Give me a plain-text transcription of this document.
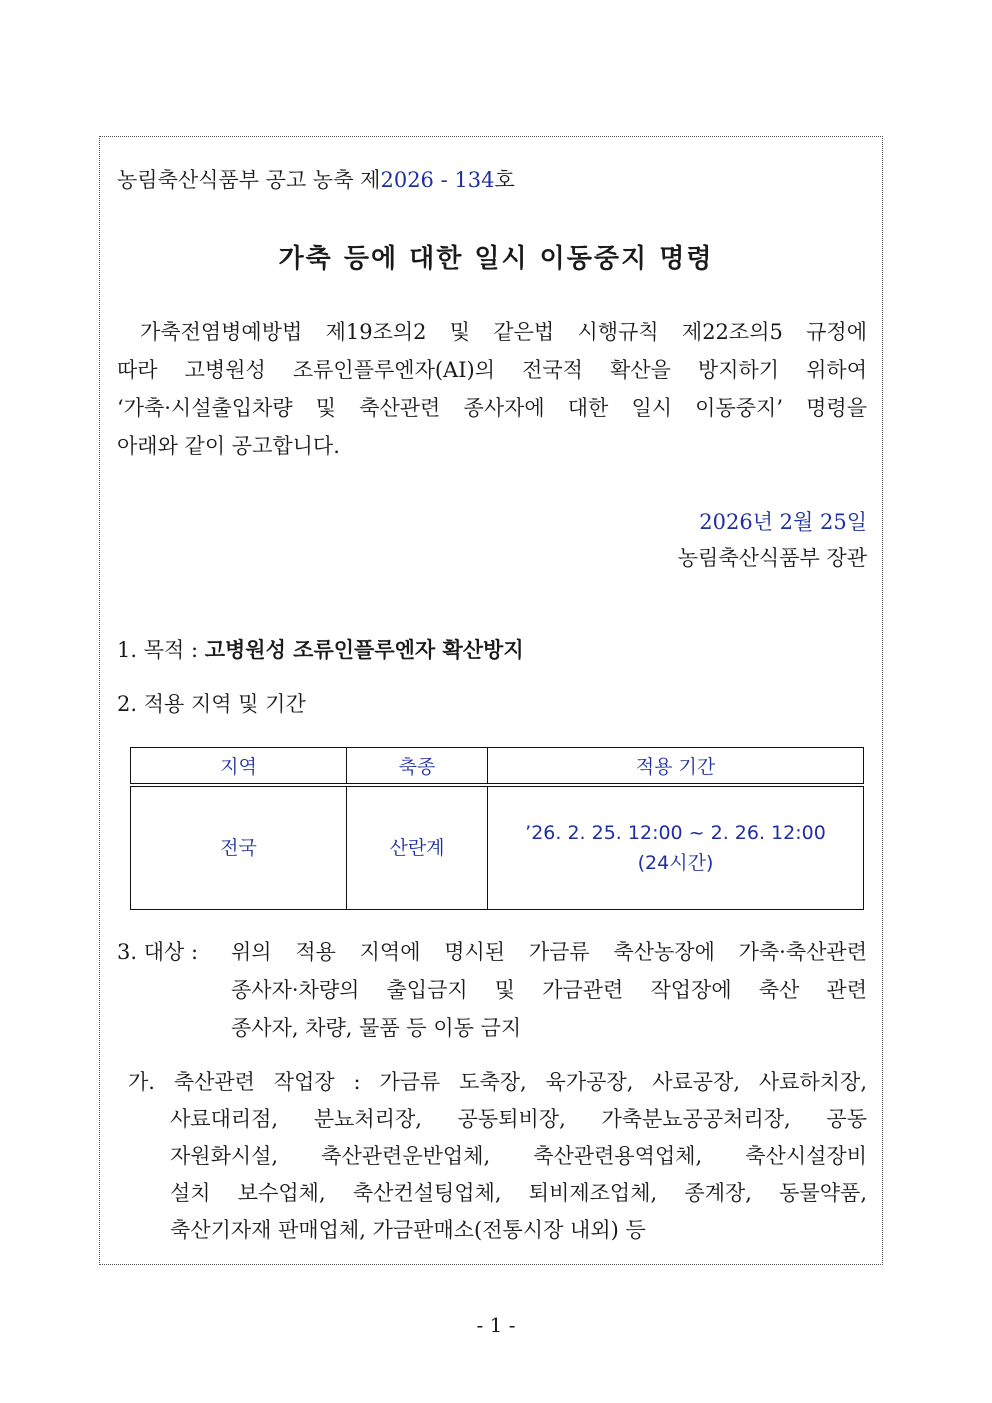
농림축산식품부 공고 농축 제2026 - 134호
가축 등에 대한 일시 이동중지 명령
가축전염병예방법 제19조의2 및 같은법 시행규칙 제22조의5 규정에
따라 고병원성 조류인플루엔자(AI)의 전국적 확산을 방지하기 위하여
‘가축·시설출입차량 및 축산관련 종사자에 대한 일시 이동중지’ 명령을
아래와 같이 공고합니다.
2026년 2월 25일
농림축산식품부 장관
1. 목적 : 고병원성 조류인플루엔자 확산방지
2. 적용 지역 및 기간
지역	축종	적용 기간
전국	산란계	’26. 2. 25. 12:00 ~ 2. 26. 12:00
(24시간)
3. 대상 : 위의 적용 지역에 명시된 가금류 축산농장에 가축·축산관련
종사자·차량의 출입금지 및 가금관련 작업장에 축산 관련
종사자, 차량, 물품 등 이동 금지
가. 축산관련 작업장 : 가금류 도축장, 육가공장, 사료공장, 사료하치장,
사료대리점, 분뇨처리장, 공동퇴비장, 가축분뇨공공처리장, 공동
자원화시설, 축산관련운반업체, 축산관련용역업체, 축산시설장비
설치 보수업체, 축산컨설팅업체, 퇴비제조업체, 종계장, 동물약품,
축산기자재 판매업체, 가금판매소(전통시장 내외) 등
- 1 -
